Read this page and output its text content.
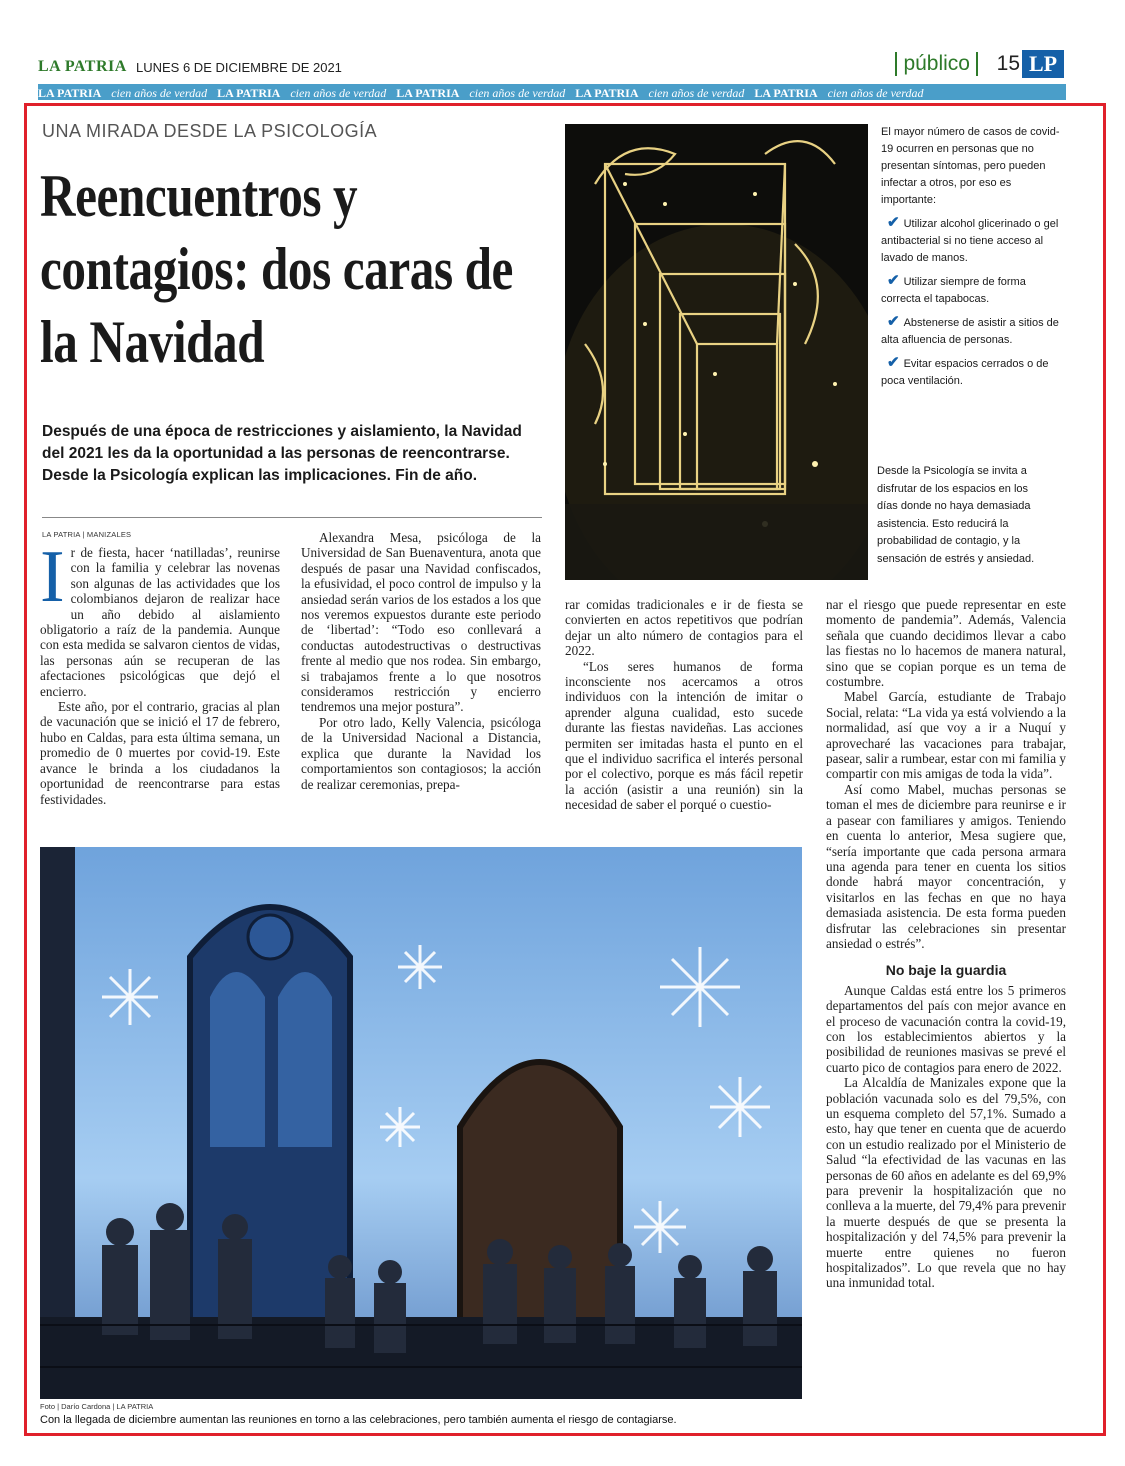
LA PATRIA LUNES 6 DE DICIEMBRE DE 2021	público	15 LP
LA PATRIA cien años de verdad LA PATRIA cien años de verdad LA PATRIA cien años de verdad LA PATRIA cien años de verdad LA PATRIA cien años de verdad
UNA MIRADA DESDE LA PSICOLOGÍA
Reencuentros y contagios: dos caras de la Navidad
Después de una época de restricciones y aislamiento, la Navidad del 2021 les da la oportunidad a las personas de reencontrarse. Desde la Psicología explican las implicaciones. Fin de año.
LA PATRIA | MANIZALES

Ir de fiesta, hacer ‘natilladas’, reunirse con la familia y celebrar las novenas son algunas de las actividades que los colombianos dejaron de realizar hace un año debido al aislamiento obligatorio a raíz de la pandemia. Aunque con esta medida se salvaron cientos de vidas, las personas aún se recuperan de las afectaciones psicológicas que dejó el encierro.

Este año, por el contrario, gracias al plan de vacunación que se inició el 17 de febrero, hubo en Caldas, para esta última semana, un promedio de 0 muertes por covid-19. Este avance le brinda a los ciudadanos la oportunidad de reencontrarse para estas festividades.

Alexandra Mesa, psicóloga de la Universidad de San Buenaventura, anota que después de pasar una Navidad confiscados, la efusividad, el poco control de impulso y la ansiedad serán varios de los estados a los que nos veremos expuestos durante este periodo de ‘libertad’: “Todo eso conllevará a conductas autodestructivas o destructivas frente al medio que nos rodea. Sin embargo, si trabajamos frente a lo que nosotros consideramos restricción y encierro tendremos una mejor postura”.

Por otro lado, Kelly Valencia, psicóloga de la Universidad Nacional a Distancia, explica que durante la Navidad los comportamientos son contagiosos; la acción de realizar ceremonias, prepa-

rar comidas tradicionales e ir de fiesta se convierten en actos repetitivos que podrían dejar un alto número de contagios para el 2022.

“Los seres humanos de forma inconsciente nos acercamos a otros individuos con la intención de imitar o aprender alguna cualidad, esto sucede durante las fiestas navideñas. Las acciones permiten ser imitadas hasta el punto en el que el individuo sacrifica el interés personal por el colectivo, porque es más fácil repetir la acción (asistir a una reunión) sin la necesidad de saber el porqué o cuestio-

nar el riesgo que puede representar en este momento de pandemia”. Además, Valencia señala que cuando decidimos llevar a cabo las fiestas no lo hacemos de manera natural, sino que se copian porque es un tema de costumbre.

Mabel García, estudiante de Trabajo Social, relata: “La vida ya está volviendo a la normalidad, así que voy a ir a Nuquí y aprovecharé las vacaciones para trabajar, pasear, salir a rumbear, estar con mi familia y compartir con mis amigas de toda la vida”.

Así como Mabel, muchas personas se toman el mes de diciembre para reunirse e ir a pasear con familiares y amigos. Teniendo en cuenta lo anterior, Mesa sugiere que, “sería importante que cada persona armara una agenda para tener en cuenta los sitios donde habrá mayor concentración, y visitarlos en las fechas en que no haya demasiada asistencia. De esta forma pueden disfrutar las celebraciones sin presentar ansiedad o estrés”.

No baje la guardia

Aunque Caldas está entre los 5 primeros departamentos del país con mejor avance en el proceso de vacunación contra la covid-19, con los establecimientos abiertos y la posibilidad de reuniones masivas se prevé el cuarto pico de contagios para enero de 2022.

La Alcaldía de Manizales expone que la población vacunada solo es del 79,5%, con un esquema completo del 57,1%. Sumado a esto, hay que tener en cuenta que de acuerdo con un estudio realizado por el Ministerio de Salud “la efectividad de las vacunas en las personas de 60 años en adelante es del 69,9% para prevenir la hospitalización que no conlleva a la muerte, del 79,4% para prevenir la muerte después de que se presenta la hospitalización y del 74,5% para prevenir la muerte entre quienes no fueron hospitalizados”. Lo que revela que no hay una inmunidad total.

El mayor número de casos de covid-19 ocurren en personas que no presentan síntomas, pero pueden infectar a otros, por eso es importante:

✔ Utilizar alcohol glicerinado o gel antibacterial si no tiene acceso al lavado de manos.

✔ Utilizar siempre de forma correcta el tapabocas.

✔ Abstenerse de asistir a sitios de alta afluencia de personas.

✔ Evitar espacios cerrados o de poca ventilación.

Desde la Psicología se invita a disfrutar de los espacios en los días donde no haya demasiada asistencia. Esto reducirá la probabilidad de contagio, y la sensación de estrés y ansiedad.
Foto | Darío Cardona | LA PATRIA
Con la llegada de diciembre aumentan las reuniones en torno a las celebraciones, pero también aumenta el riesgo de contagiarse.
